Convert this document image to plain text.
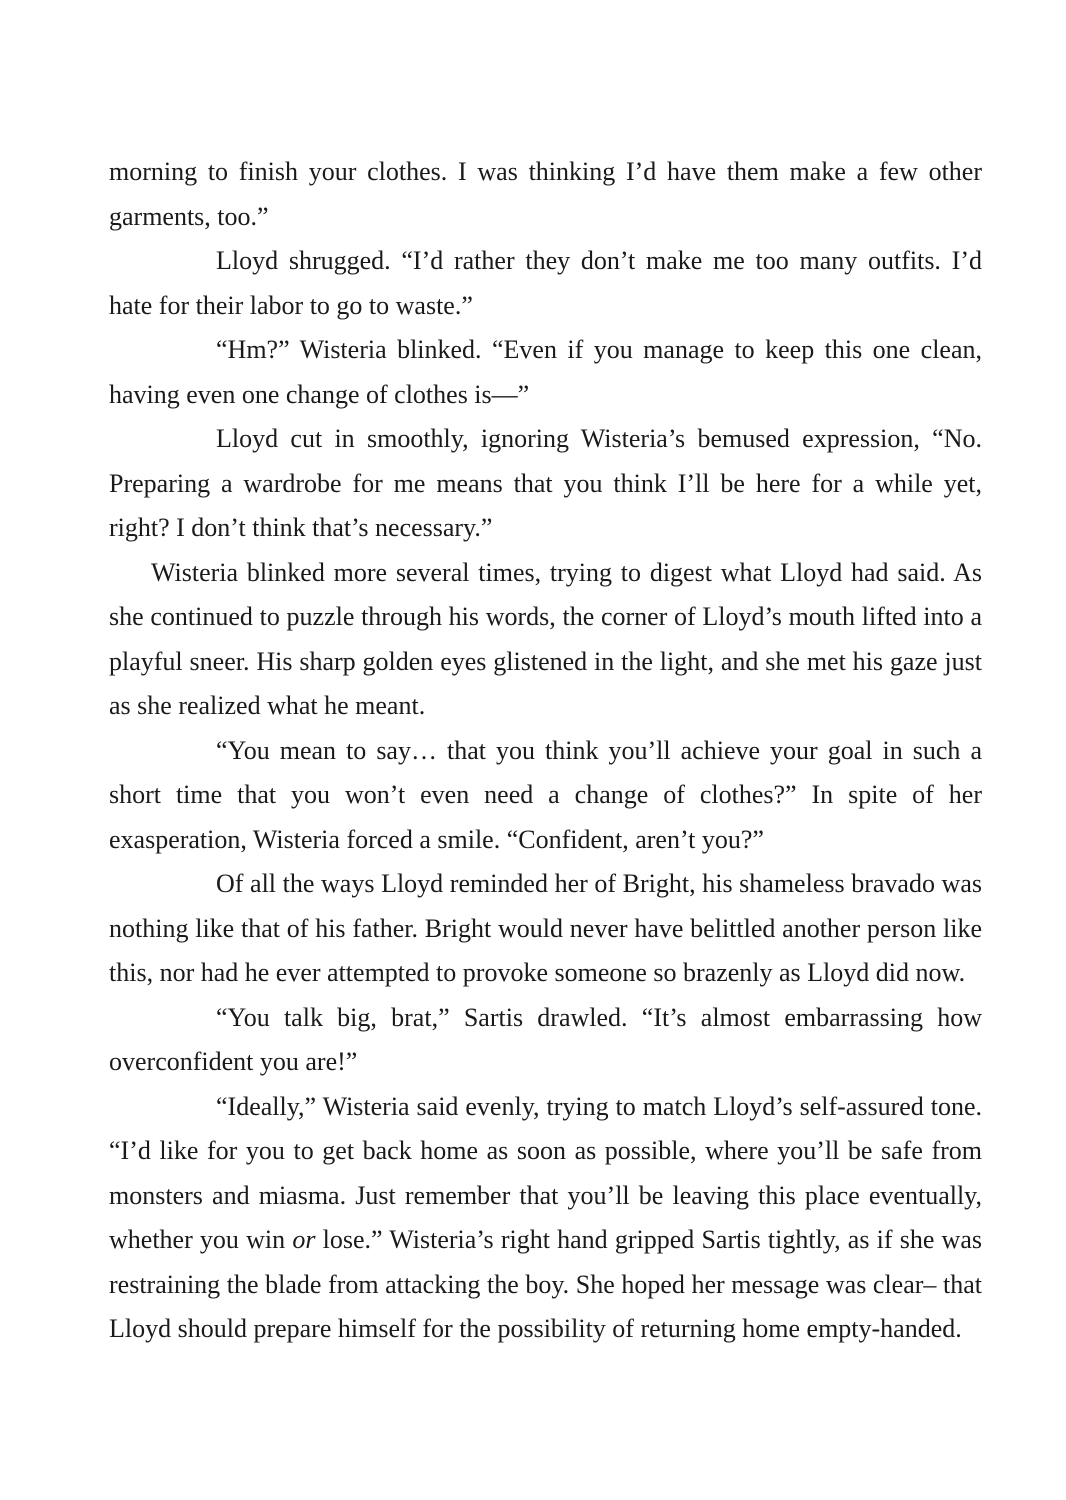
morning to finish your clothes. I was thinking I’d have them make a few other garments, too.”

Lloyd shrugged. “I’d rather they don’t make me too many outfits. I’d hate for their labor to go to waste.”

“Hm?” Wisteria blinked. “Even if you manage to keep this one clean, having even one change of clothes is—”

Lloyd cut in smoothly, ignoring Wisteria’s bemused expression, “No. Preparing a wardrobe for me means that you think I’ll be here for a while yet, right? I don’t think that’s necessary.”

Wisteria blinked more several times, trying to digest what Lloyd had said. As she continued to puzzle through his words, the corner of Lloyd’s mouth lifted into a playful sneer. His sharp golden eyes glistened in the light, and she met his gaze just as she realized what he meant.

“You mean to say… that you think you’ll achieve your goal in such a short time that you won’t even need a change of clothes?” In spite of her exasperation, Wisteria forced a smile. “Confident, aren’t you?”

Of all the ways Lloyd reminded her of Bright, his shameless bravado was nothing like that of his father. Bright would never have belittled another person like this, nor had he ever attempted to provoke someone so brazenly as Lloyd did now.

“You talk big, brat,” Sartis drawled. “It’s almost embarrassing how overconfident you are!”

“Ideally,” Wisteria said evenly, trying to match Lloyd’s self-assured tone. “I’d like for you to get back home as soon as possible, where you’ll be safe from monsters and miasma. Just remember that you’ll be leaving this place eventually, whether you win or lose.” Wisteria’s right hand gripped Sartis tightly, as if she was restraining the blade from attacking the boy. She hoped her message was clear– that Lloyd should prepare himself for the possibility of returning home empty-handed.
